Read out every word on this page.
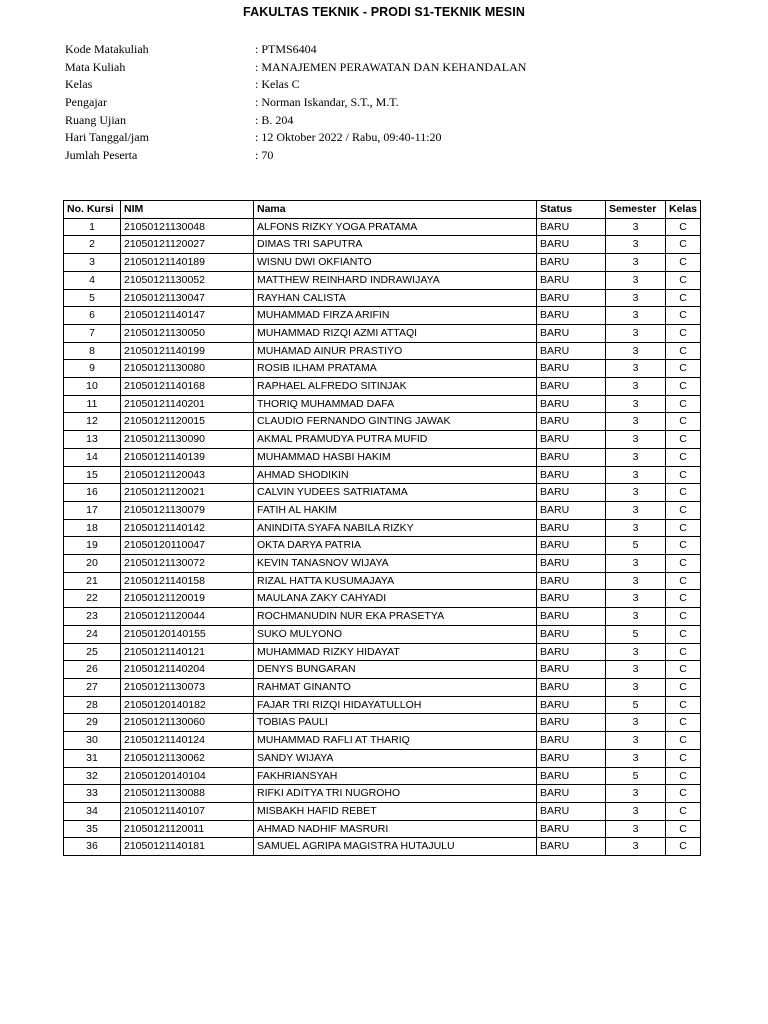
FAKULTAS TEKNIK - PRODI S1-TEKNIK MESIN
Kode Matakuliah	: PTMS6404
Mata Kuliah	: MANAJEMEN PERAWATAN DAN KEHANDALAN
Kelas	: Kelas C
Pengajar	: Norman Iskandar, S.T., M.T.
Ruang Ujian	: B. 204
Hari Tanggal/jam	: 12 Oktober 2022 / Rabu, 09:40-11:20
Jumlah Peserta	: 70
No. Kursi	NIM	Nama	Status	Semester	Kelas
1	21050121130048	ALFONS RIZKY YOGA PRATAMA	BARU	3	C
2	21050121120027	DIMAS TRI SAPUTRA	BARU	3	C
3	21050121140189	WISNU DWI OKFIANTO	BARU	3	C
4	21050121130052	MATTHEW REINHARD INDRAWIJAYA	BARU	3	C
5	21050121130047	RAYHAN CALISTA	BARU	3	C
6	21050121140147	MUHAMMAD FIRZA ARIFIN	BARU	3	C
7	21050121130050	MUHAMMAD RIZQI AZMI ATTAQI	BARU	3	C
8	21050121140199	MUHAMAD AINUR PRASTIYO	BARU	3	C
9	21050121130080	ROSIB ILHAM PRATAMA	BARU	3	C
10	21050121140168	RAPHAEL ALFREDO SITINJAK	BARU	3	C
11	21050121140201	THORIQ MUHAMMAD DAFA	BARU	3	C
12	21050121120015	CLAUDIO FERNANDO GINTING JAWAK	BARU	3	C
13	21050121130090	AKMAL PRAMUDYA PUTRA MUFID	BARU	3	C
14	21050121140139	MUHAMMAD HASBI HAKIM	BARU	3	C
15	21050121120043	AHMAD SHODIKIN	BARU	3	C
16	21050121120021	CALVIN YUDEES SATRIATAMA	BARU	3	C
17	21050121130079	FATIH AL HAKIM	BARU	3	C
18	21050121140142	ANINDITA SYAFA NABILA RIZKY	BARU	3	C
19	21050120110047	OKTA DARYA PATRIA	BARU	5	C
20	21050121130072	KEVIN TANASNOV WIJAYA	BARU	3	C
21	21050121140158	RIZAL HATTA KUSUMAJAYA	BARU	3	C
22	21050121120019	MAULANA ZAKY CAHYADI	BARU	3	C
23	21050121120044	ROCHMANUDIN NUR EKA PRASETYA	BARU	3	C
24	21050120140155	SUKO MULYONO	BARU	5	C
25	21050121140121	MUHAMMAD RIZKY HIDAYAT	BARU	3	C
26	21050121140204	DENYS BUNGARAN	BARU	3	C
27	21050121130073	RAHMAT GINANTO	BARU	3	C
28	21050120140182	FAJAR TRI RIZQI HIDAYATULLOH	BARU	5	C
29	21050121130060	TOBIAS PAULI	BARU	3	C
30	21050121140124	MUHAMMAD RAFLI AT THARIQ	BARU	3	C
31	21050121130062	SANDY WIJAYA	BARU	3	C
32	21050120140104	FAKHRIANSYAH	BARU	5	C
33	21050121130088	RIFKI ADITYA TRI NUGROHO	BARU	3	C
34	21050121140107	MISBAKH HAFID REBET	BARU	3	C
35	21050121120011	AHMAD NADHIF MASRURI	BARU	3	C
36	21050121140181	SAMUEL AGRIPA MAGISTRA HUTAJULU	BARU	3	C
